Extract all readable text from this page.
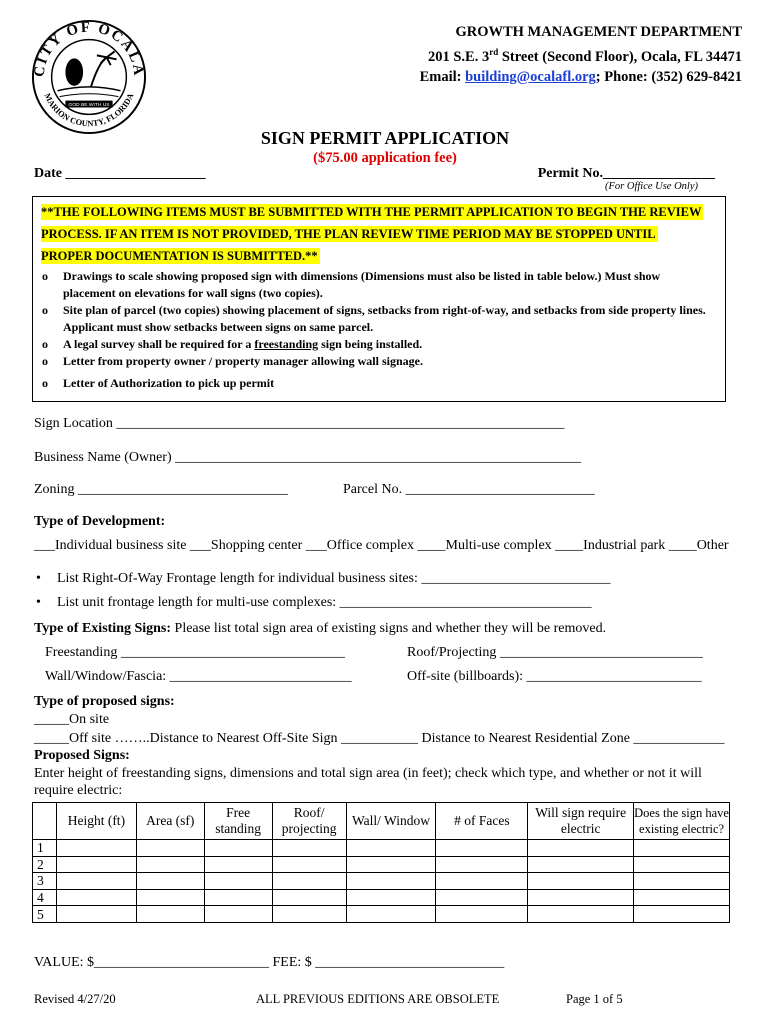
CITY OF OCALA
MARION COUNTY, FLORIDA
GOD BE WITH US
GROWTH MANAGEMENT DEPARTMENT
201 S.E. 3rd Street (Second Floor), Ocala, FL 34471
Email: building@ocalafl.org; Phone: (352) 629-8421
SIGN PERMIT APPLICATION
($75.00 application fee)
Date ____________________	Permit No.________________
(For Office Use Only)
**THE FOLLOWING ITEMS MUST BE SUBMITTED WITH THE PERMIT APPLICATION TO BEGIN THE REVIEW
PROCESS. IF AN ITEM IS NOT PROVIDED, THE PLAN REVIEW TIME PERIOD MAY BE STOPPED UNTIL
PROPER DOCUMENTATION IS SUBMITTED.**
o Drawings to scale showing proposed sign with dimensions (Dimensions must also be listed in table below.) Must show placement on elevations for wall signs (two copies).
o Site plan of parcel (two copies) showing placement of signs, setbacks from right-of-way, and setbacks from side property lines. Applicant must show setbacks between signs on same parcel.
o A legal survey shall be required for a freestanding sign being installed.
o Letter from property owner / property manager allowing wall signage.
o Letter of Authorization to pick up permit
Sign Location ________________________________________________________________
Business Name (Owner) __________________________________________________________
Zoning ______________________________	Parcel No. ___________________________
Type of Development:
___Individual business site ___Shopping center ___Office complex ____Multi-use complex ____Industrial park ____Other
• List Right-Of-Way Frontage length for individual business sites: ___________________________
• List unit frontage length for multi-use complexes: ____________________________________
Type of Existing Signs: Please list total sign area of existing signs and whether they will be removed.
Freestanding ________________________________	Roof/Projecting _____________________________
Wall/Window/Fascia: __________________________	Off-site (billboards): _________________________
Type of proposed signs:
_____On site
_____Off site ……..Distance to Nearest Off-Site Sign ___________ Distance to Nearest Residential Zone _____________
Proposed Signs:
Enter height of freestanding signs, dimensions and total sign area (in feet); check which type, and whether or not it will require electric:
	Height (ft)	Area (sf)	Free standing	Roof/ projecting	Wall/ Window	# of Faces	Will sign require electric	Does the sign have existing electric?
1								
2								
3								
4								
5								
VALUE: $_________________________ FEE: $ ___________________________
Revised 4/27/20	ALL PREVIOUS EDITIONS ARE OBSOLETE	Page 1 of 5
